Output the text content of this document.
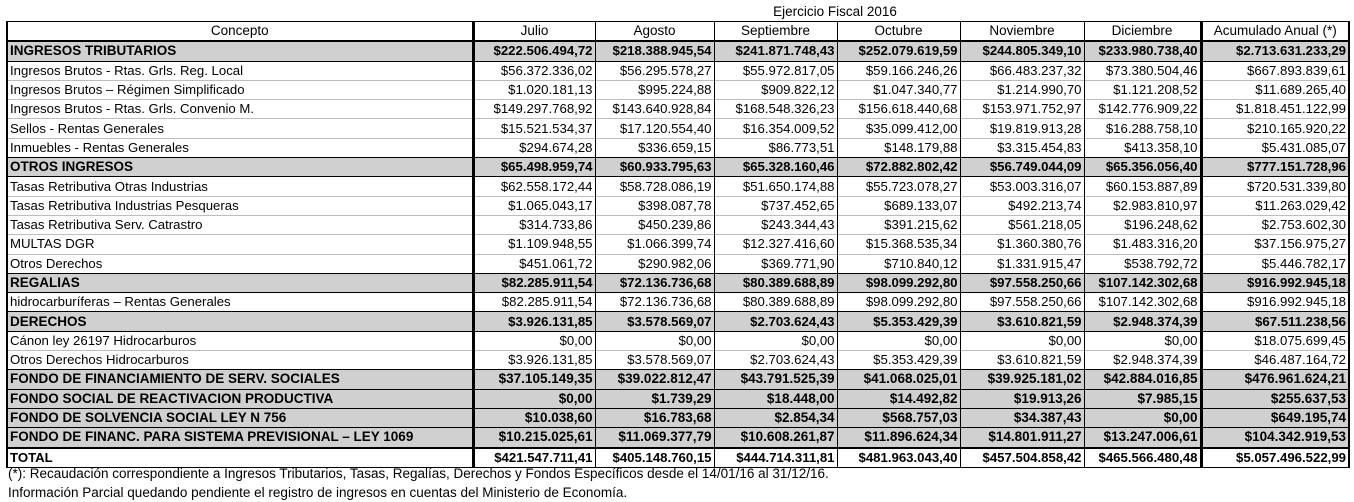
Ejercicio Fiscal 2016
Concepto	Julio	Agosto	Septiembre	Octubre	Noviembre	Diciembre	Acumulado Anual (*)
INGRESOS TRIBUTARIOS	$222.506.494,72	$218.388.945,54	$241.871.748,43	$252.079.619,59	$244.805.349,10	$233.980.738,40	$2.713.631.233,29
Ingresos Brutos - Rtas. Grls. Reg. Local	$56.372.336,02	$56.295.578,27	$55.972.817,05	$59.166.246,26	$66.483.237,32	$73.380.504,46	$667.893.839,61
Ingresos Brutos – Régimen Simplificado	$1.020.181,13	$995.224,88	$909.822,12	$1.047.340,77	$1.214.990,70	$1.121.208,52	$11.689.265,40
Ingresos Brutos - Rtas. Grls. Convenio M.	$149.297.768,92	$143.640.928,84	$168.548.326,23	$156.618.440,68	$153.971.752,97	$142.776.909,22	$1.818.451.122,99
Sellos - Rentas Generales	$15.521.534,37	$17.120.554,40	$16.354.009,52	$35.099.412,00	$19.819.913,28	$16.288.758,10	$210.165.920,22
Inmuebles - Rentas Generales	$294.674,28	$336.659,15	$86.773,51	$148.179,88	$3.315.454,83	$413.358,10	$5.431.085,07
OTROS INGRESOS	$65.498.959,74	$60.933.795,63	$65.328.160,46	$72.882.802,42	$56.749.044,09	$65.356.056,40	$777.151.728,96
Tasas Retributiva Otras Industrias	$62.558.172,44	$58.728.086,19	$51.650.174,88	$55.723.078,27	$53.003.316,07	$60.153.887,89	$720.531.339,80
Tasas Retributiva Industrias Pesqueras	$1.065.043,17	$398.087,78	$737.452,65	$689.133,07	$492.213,74	$2.983.810,97	$11.263.029,42
Tasas Retributiva Serv. Catrastro	$314.733,86	$450.239,86	$243.344,43	$391.215,62	$561.218,05	$196.248,62	$2.753.602,30
MULTAS DGR	$1.109.948,55	$1.066.399,74	$12.327.416,60	$15.368.535,34	$1.360.380,76	$1.483.316,20	$37.156.975,27
Otros Derechos	$451.061,72	$290.982,06	$369.771,90	$710.840,12	$1.331.915,47	$538.792,72	$5.446.782,17
REGALIAS	$82.285.911,54	$72.136.736,68	$80.389.688,89	$98.099.292,80	$97.558.250,66	$107.142.302,68	$916.992.945,18
hidrocarburíferas – Rentas Generales	$82.285.911,54	$72.136.736,68	$80.389.688,89	$98.099.292,80	$97.558.250,66	$107.142.302,68	$916.992.945,18
DERECHOS	$3.926.131,85	$3.578.569,07	$2.703.624,43	$5.353.429,39	$3.610.821,59	$2.948.374,39	$67.511.238,56
Cánon ley 26197 Hidrocarburos	$0,00	$0,00	$0,00	$0,00	$0,00	$0,00	$18.075.699,45
Otros Derechos Hidrocarburos	$3.926.131,85	$3.578.569,07	$2.703.624,43	$5.353.429,39	$3.610.821,59	$2.948.374,39	$46.487.164,72
FONDO DE FINANCIAMIENTO DE SERV. SOCIALES	$37.105.149,35	$39.022.812,47	$43.791.525,39	$41.068.025,01	$39.925.181,02	$42.884.016,85	$476.961.624,21
FONDO SOCIAL DE REACTIVACION PRODUCTIVA	$0,00	$1.739,29	$18.448,00	$14.492,82	$19.913,26	$7.985,15	$255.637,53
FONDO DE SOLVENCIA SOCIAL LEY N 756	$10.038,60	$16.783,68	$2.854,34	$568.757,03	$34.387,43	$0,00	$649.195,74
FONDO DE FINANC. PARA SISTEMA PREVISIONAL – LEY 1069	$10.215.025,61	$11.069.377,79	$10.608.261,87	$11.896.624,34	$14.801.911,27	$13.247.006,61	$104.342.919,53
TOTAL	$421.547.711,41	$405.148.760,15	$444.714.311,81	$481.963.043,40	$457.504.858,42	$465.566.480,48	$5.057.496.522,99
(*): Recaudación correspondiente a Ingresos Tributarios, Tasas, Regalías, Derechos y Fondos Específicos desde el 14/01/16 al 31/12/16.
Información Parcial quedando pendiente el registro de ingresos en cuentas del Ministerio de Economía.
